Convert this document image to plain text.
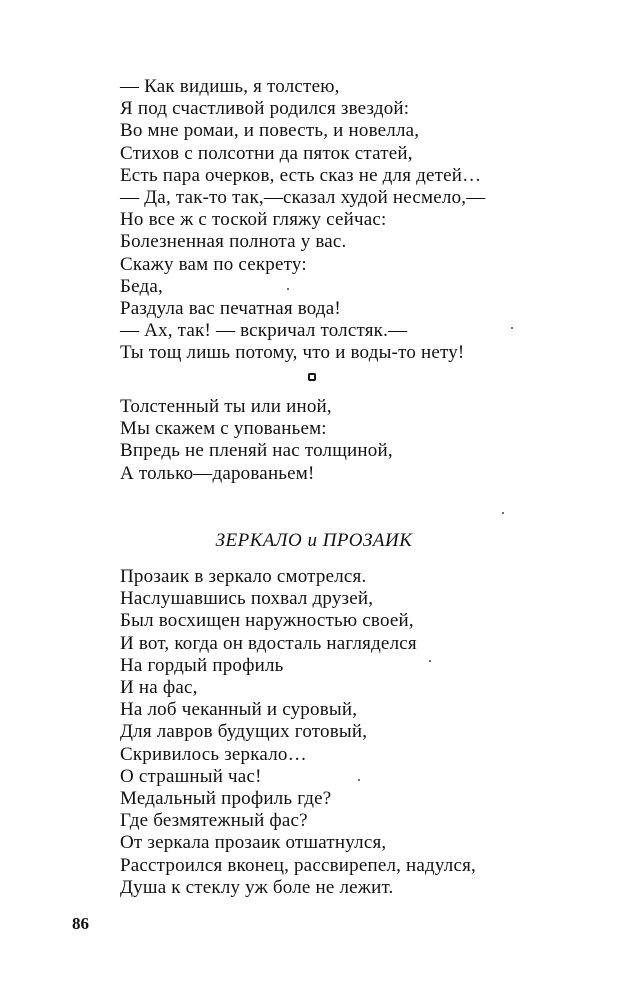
— Как видишь, я толстею,
Я под счастливой родился звездой:
Во мне ромаи, и повесть, и новелла,
Стихов с полсотни да пяток статей,
Есть пара очерков, есть сказ не для детей…
— Да, так-то так,—сказал худой несмело,—
Но все ж с тоской гляжу сейчас:
Болезненная полнота у вас.
Скажу вам по секрету:
Беда,
Раздула вас печатная вода!
— Ах, так! — вскричал толстяк.—
Ты тощ лишь потому, что и воды-то нету!
Толстенный ты или иной,
Мы скажем с упованьем:
Впредь не пленяй нас толщиной,
А только—дарованьем!
ЗЕРКАЛО и ПРОЗАИК
Прозаик в зеркало смотрелся.
Наслушавшись похвал друзей,
Был восхищен наружностью своей,
И вот, когда он вдосталь нагляделся
На гордый профиль
И на фас,
На лоб чеканный и суровый,
Для лавров будущих готовый,
Скривилось зеркало…
О страшный час!
Медальный профиль где?
Где безмятежный фас?
От зеркала прозаик отшатнулся,
Расстроился вконец, рассвирепел, надулся,
Душа к стеклу уж боле не лежит.
86
